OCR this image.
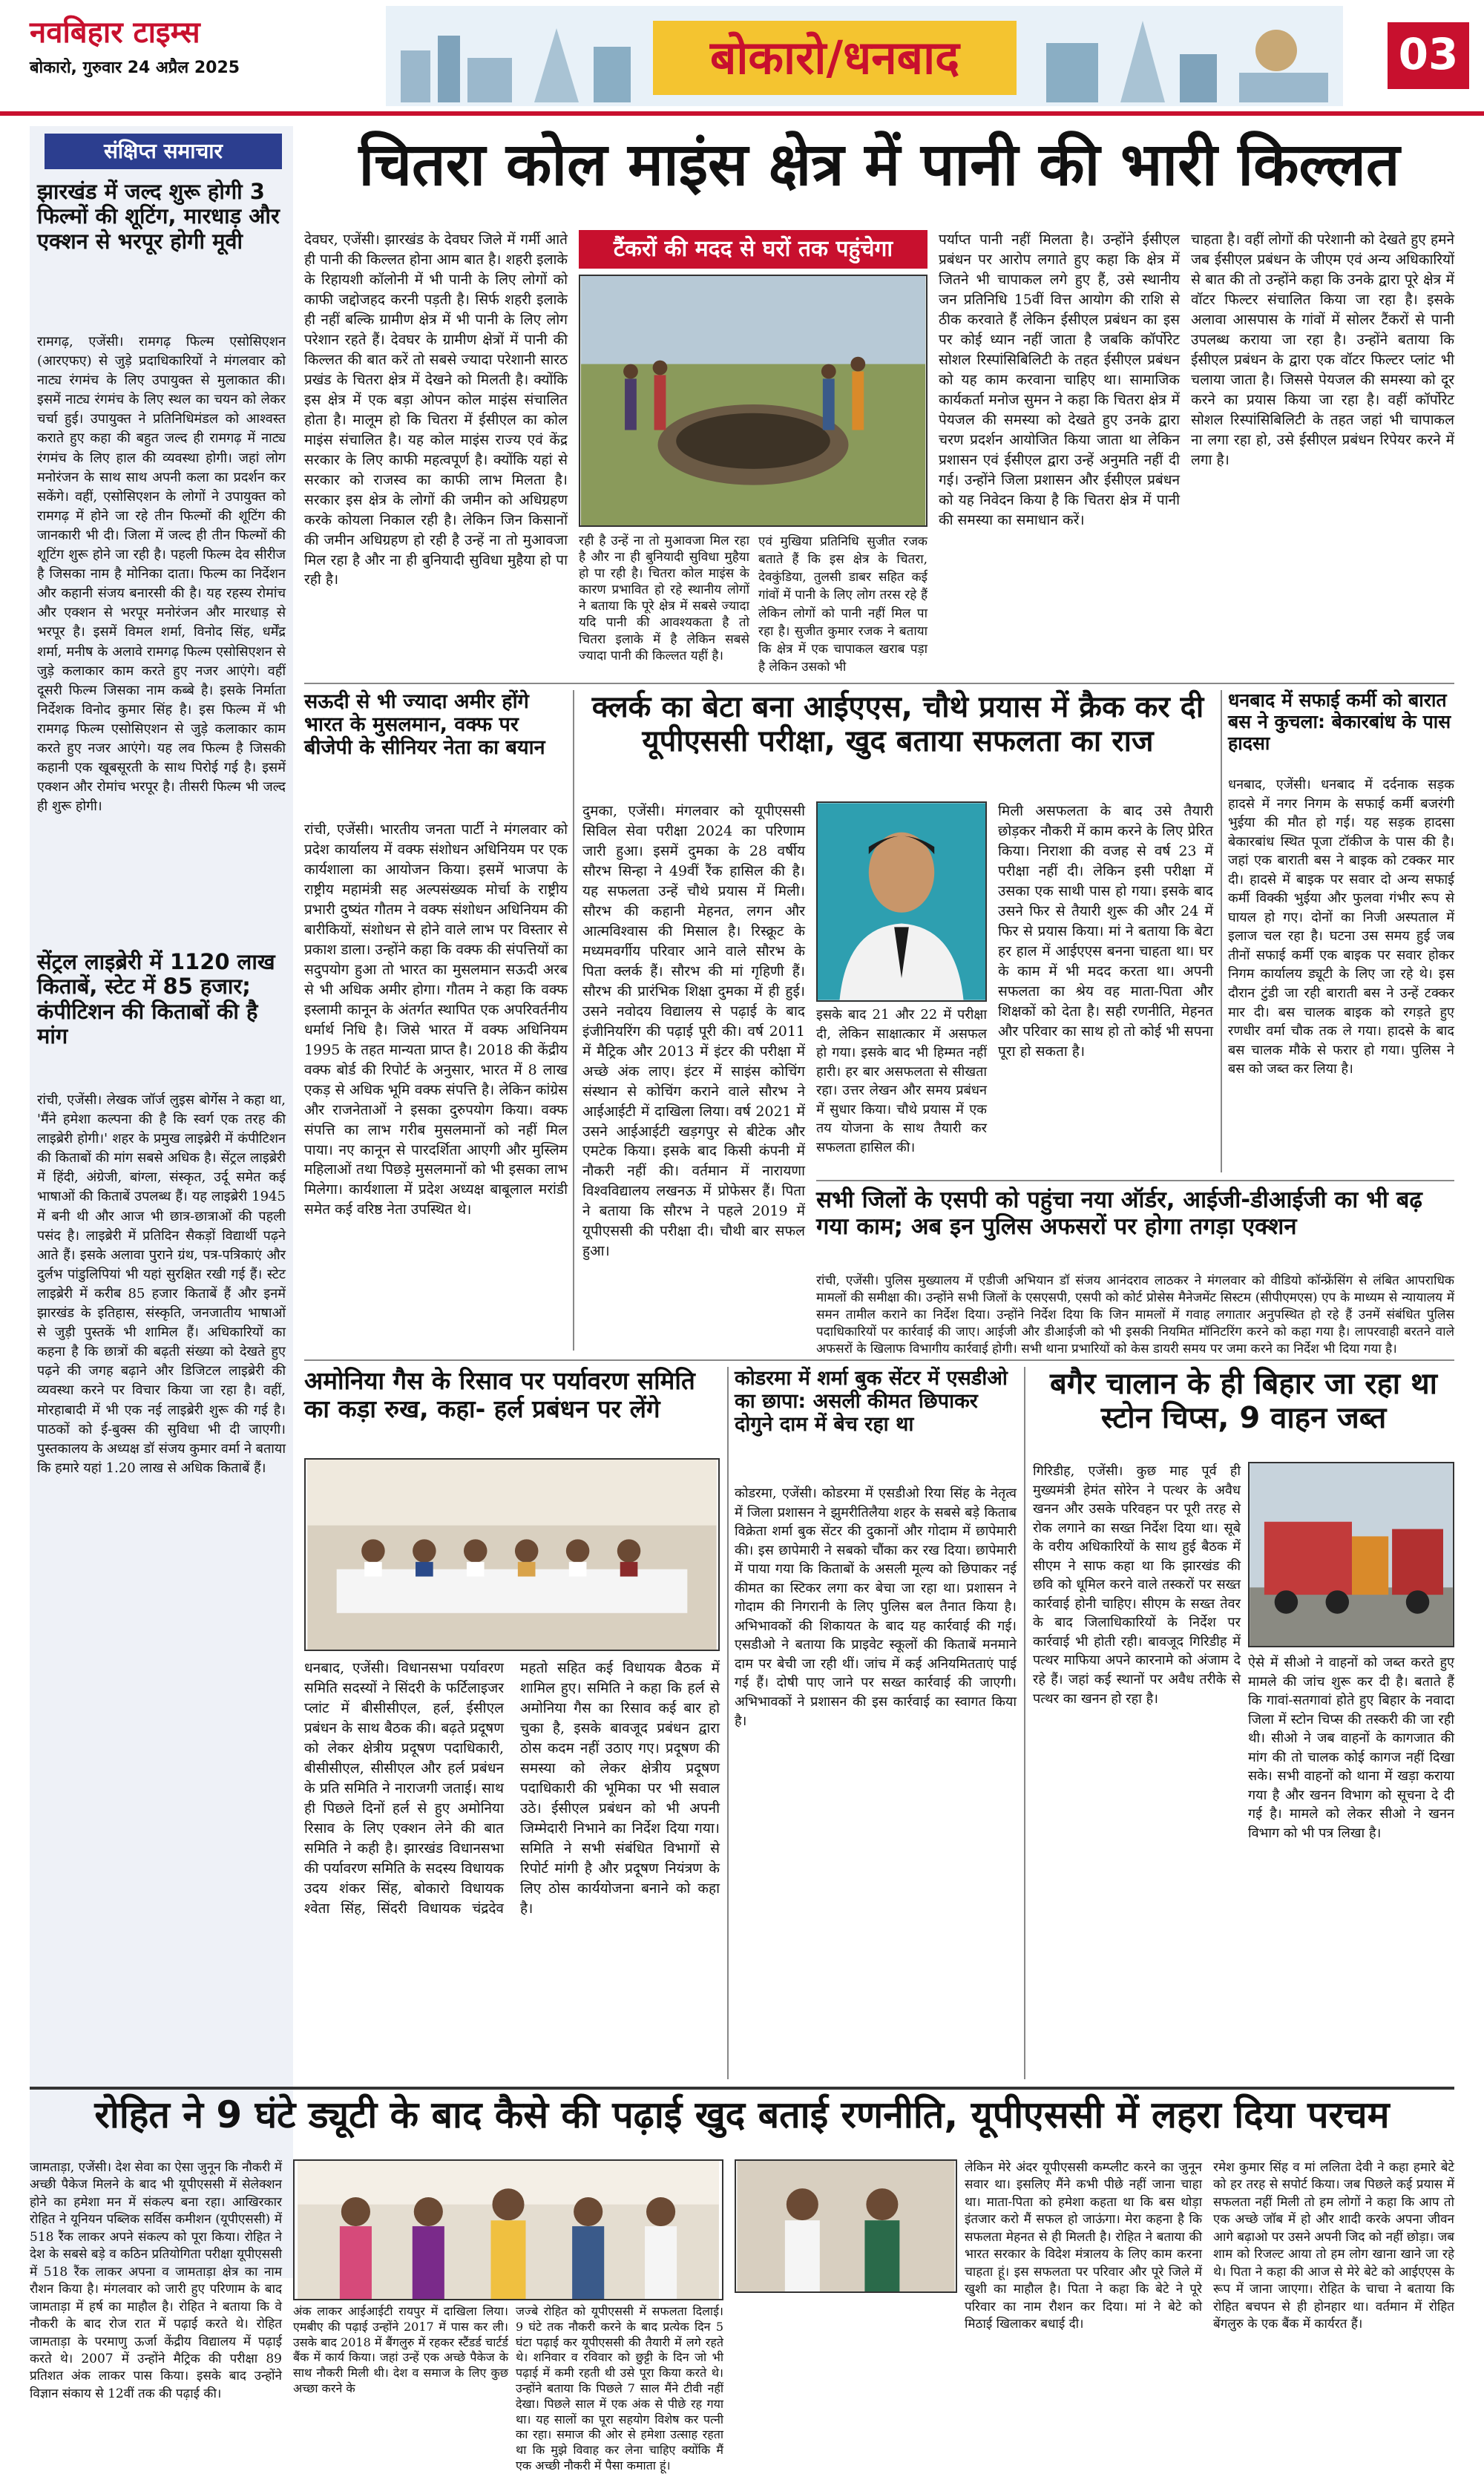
नवबिहार टाइम्स
बोकारो, गुरुवार 24 अप्रैल 2025	बोकारो/धनबाद	03
संक्षिप्त समाचार
झारखंड में जल्द शुरू होगी 3 फिल्मों की शूटिंग, मारधाड़ और एक्शन से भरपूर होगी मूवी
रामगढ़, एजेंसी। रामगढ़ फिल्म एसोसिएशन (आरएफए) से जुड़े प्रदाधिकारियों ने मंगलवार को नाट्य रंगमंच के लिए उपायुक्त से मुलाकात की। इसमें नाट्य रंगमंच के लिए स्थल का चयन को लेकर चर्चा हुई। उपायुक्त ने प्रतिनिधिमंडल को आश्वस्त कराते हुए कहा की बहुत जल्द ही रामगढ़ में नाट्य रंगमंच के लिए हाल की व्यवस्था होगी। जहां लोग मनोरंजन के साथ साथ अपनी कला का प्रदर्शन कर सकेंगे। वहीं, एसोसिएशन के लोगों ने उपायुक्त को रामगढ़ में होने जा रहे तीन फिल्मों की शूटिंग की जानकारी भी दी। जिला में जल्द ही तीन फिल्मों की शूटिंग शुरू होने जा रही है। पहली फिल्म देव सीरीज है जिसका नाम है मोनिका दाता। फिल्म का निर्देशन और कहानी संजय बनारसी की है। यह रहस्य रोमांच और एक्शन से भरपूर मनोरंजन और मारधाड़ से भरपूर है। इसमें विमल शर्मा, विनोद सिंह, धर्मेंद्र शर्मा, मनीष के अलावे रामगढ़ फिल्म एसोसिएशन से जुड़े कलाकार काम करते हुए नजर आएंगे। वहीं दूसरी फिल्म जिसका नाम कब्बे है। इसके निर्माता निर्देशक विनोद कुमार सिंह है। इस फिल्म में भी रामगढ़ फिल्म एसोसिएशन से जुड़े कलाकार काम करते हुए नजर आएंगे। यह लव फिल्म है जिसकी कहानी एक खूबसूरती के साथ पिरोई गई है। इसमें एक्शन और रोमांच भरपूर है। तीसरी फिल्म भी जल्द ही शुरू होगी।
सेंट्रल लाइब्रेरी में 1120 लाख किताबें, स्टेट में 85 हजार; कंपीटिशन की किताबों की है मांग
रांची, एजेंसी। लेखक जॉर्ज लुइस बोर्गेस ने कहा था, 'मैंने हमेशा कल्पना की है कि स्वर्ग एक तरह की लाइब्रेरी होगी।' शहर के प्रमुख लाइब्रेरी में कंपीटिशन की किताबों की मांग सबसे अधिक है। सेंट्रल लाइब्रेरी में हिंदी, अंग्रेजी, बांग्ला, संस्कृत, उर्दू समेत कई भाषाओं की किताबें उपलब्ध हैं। यह लाइब्रेरी 1945 में बनी थी और आज भी छात्र-छात्राओं की पहली पसंद है। लाइब्रेरी में प्रतिदिन सैकड़ों विद्यार्थी पढ़ने आते हैं। इसके अलावा पुराने ग्रंथ, पत्र-पत्रिकाएं और दुर्लभ पांडुलिपियां भी यहां सुरक्षित रखी गई हैं। स्टेट लाइब्रेरी में करीब 85 हजार किताबें हैं और इनमें झारखंड के इतिहास, संस्कृति, जनजातीय भाषाओं से जुड़ी पुस्तकें भी शामिल हैं। अधिकारियों का कहना है कि छात्रों की बढ़ती संख्या को देखते हुए पढ़ने की जगह बढ़ाने और डिजिटल लाइब्रेरी की व्यवस्था करने पर विचार किया जा रहा है। वहीं, मोरहाबादी में भी एक नई लाइब्रेरी शुरू की गई है। पाठकों को ई-बुक्स की सुविधा भी दी जाएगी। पुस्तकालय के अध्यक्ष डॉ संजय कुमार वर्मा ने बताया कि हमारे यहां 1.20 लाख से अधिक किताबें हैं।
चितरा कोल माइंस क्षेत्र में पानी की भारी किल्लत
टैंकरों की मदद से घरों तक पहुंचेगा
देवघर, एजेंसी। झारखंड के देवघर जिले में गर्मी आते ही पानी की किल्लत होना आम बात है। शहरी इलाके के रिहायशी कॉलोनी में भी पानी के लिए लोगों को काफी जद्दोजहद करनी पड़ती है। सिर्फ शहरी इलाके ही नहीं बल्कि ग्रामीण क्षेत्र में भी पानी के लिए लोग परेशान रहते हैं। देवघर के ग्रामीण क्षेत्रों में पानी की किल्लत की बात करें तो सबसे ज्यादा परेशानी सारठ प्रखंड के चितरा क्षेत्र में देखने को मिलती है। क्योंकि इस क्षेत्र में एक बड़ा ओपन कोल माइंस संचालित होता है। मालूम हो कि चितरा में ईसीएल का कोल माइंस संचालित है। यह कोल माइंस राज्य एवं केंद्र सरकार के लिए काफी महत्वपूर्ण है। क्योंकि यहां से सरकार को राजस्व का काफी लाभ मिलता है। सरकार इस क्षेत्र के लोगों की जमीन को अधिग्रहण करके कोयला निकाल रही है। लेकिन जिन किसानों की जमीन अधिग्रहण हो रही है उन्हें ना तो मुआवजा मिल रहा है और ना ही बुनियादी सुविधा मुहैया हो पा रही है।
रही है उन्हें ना तो मुआवजा मिल रहा है और ना ही बुनियादी सुविधा मुहैया हो पा रही है। चितरा कोल माइंस के कारण प्रभावित हो रहे स्थानीय लोगों ने बताया कि पूरे क्षेत्र में सबसे ज्यादा यदि पानी की आवश्यकता है तो चितरा इलाके में है लेकिन सबसे ज्यादा पानी की किल्लत यहीं है।
एवं मुखिया प्रतिनिधि सुजीत रजक बताते हैं कि इस क्षेत्र के चितरा, देवकुंडिया, तुलसी डाबर सहित कई गांवों में पानी के लिए लोग तरस रहे हैं लेकिन लोगों को पानी नहीं मिल पा रहा है। सुजीत कुमार रजक ने बताया कि क्षेत्र में एक चापाकल खराब पड़ा है लेकिन उसको भी
पर्याप्त पानी नहीं मिलता है। उन्होंने ईसीएल प्रबंधन पर आरोप लगाते हुए कहा कि क्षेत्र में जितने भी चापाकल लगे हुए हैं, उसे स्थानीय जन प्रतिनिधि 15वीं वित्त आयोग की राशि से ठीक करवाते हैं लेकिन ईसीएल प्रबंधन का इस पर कोई ध्यान नहीं जाता है जबकि कॉर्पोरेट सोशल रिस्पांसिबिलिटी के तहत ईसीएल प्रबंधन को यह काम करवाना चाहिए था। सामाजिक कार्यकर्ता मनोज सुमन ने कहा कि चितरा क्षेत्र में पेयजल की समस्या को देखते हुए उनके द्वारा चरण प्रदर्शन आयोजित किया जाता था लेकिन प्रशासन एवं ईसीएल द्वारा उन्हें अनुमति नहीं दी गई। उन्होंने जिला प्रशासन और ईसीएल प्रबंधन को यह निवेदन किया है कि चितरा क्षेत्र में पानी की समस्या का समाधान करें।
चाहता है। वहीं लोगों की परेशानी को देखते हुए हमने जब ईसीएल प्रबंधन के जीएम एवं अन्य अधिकारियों से बात की तो उन्होंने कहा कि उनके द्वारा पूरे क्षेत्र में वॉटर फिल्टर संचालित किया जा रहा है। इसके अलावा आसपास के गांवों में सोलर टैंकरों से पानी उपलब्ध कराया जा रहा है। उन्होंने बताया कि ईसीएल प्रबंधन के द्वारा एक वॉटर फिल्टर प्लांट भी चलाया जाता है। जिससे पेयजल की समस्या को दूर करने का प्रयास किया जा रहा है। वहीं कॉर्पोरेट सोशल रिस्पांसिबिलिटी के तहत जहां भी चापाकल ना लगा रहा हो, उसे ईसीएल प्रबंधन रिपेयर करने में लगा है।
सऊदी से भी ज्यादा अमीर होंगे भारत के मुसलमान, वक्फ पर बीजेपी के सीनियर नेता का बयान
रांची, एजेंसी। भारतीय जनता पार्टी ने मंगलवार को प्रदेश कार्यालय में वक्फ संशोधन अधिनियम पर एक कार्यशाला का आयोजन किया। इसमें भाजपा के राष्ट्रीय महामंत्री सह अल्पसंख्यक मोर्चा के राष्ट्रीय प्रभारी दुष्यंत गौतम ने वक्फ संशोधन अधिनियम की बारीकियों, संशोधन से होने वाले लाभ पर विस्तार से प्रकाश डाला। उन्होंने कहा कि वक्फ की संपत्तियों का सदुपयोग हुआ तो भारत का मुसलमान सऊदी अरब से भी अधिक अमीर होगा। गौतम ने कहा कि वक्फ इस्लामी कानून के अंतर्गत स्थापित एक अपरिवर्तनीय धर्मार्थ निधि है। जिसे भारत में वक्फ अधिनियम 1995 के तहत मान्यता प्राप्त है। 2018 की केंद्रीय वक्फ बोर्ड की रिपोर्ट के अनुसार, भारत में 8 लाख एकड़ से अधिक भूमि वक्फ संपत्ति है। लेकिन कांग्रेस और राजनेताओं ने इसका दुरुपयोग किया। वक्फ संपत्ति का लाभ गरीब मुसलमानों को नहीं मिल पाया। नए कानून से पारदर्शिता आएगी और मुस्लिम महिलाओं तथा पिछड़े मुसलमानों को भी इसका लाभ मिलेगा। कार्यशाला में प्रदेश अध्यक्ष बाबूलाल मरांडी समेत कई वरिष्ठ नेता उपस्थित थे।
क्लर्क का बेटा बना आईएएस, चौथे प्रयास में क्रैक कर दी यूपीएससी परीक्षा, खुद बताया सफलता का राज
दुमका, एजेंसी। मंगलवार को यूपीएससी सिविल सेवा परीक्षा 2024 का परिणाम जारी हुआ। इसमें दुमका के 28 वर्षीय सौरभ सिन्हा ने 49वीं रैंक हासिल की है। यह सफलता उन्हें चौथे प्रयास में मिली। सौरभ की कहानी मेहनत, लगन और आत्मविश्वास की मिसाल है। रिस्क्रूट के मध्यमवर्गीय परिवार आने वाले सौरभ के पिता क्लर्क हैं। सौरभ की मां गृहिणी हैं। सौरभ की प्रारंभिक शिक्षा दुमका में ही हुई। उसने नवोदय विद्यालय से पढ़ाई के बाद इंजीनियरिंग की पढ़ाई पूरी की। वर्ष 2011 में मैट्रिक और 2013 में इंटर की परीक्षा में अच्छे अंक लाए। इंटर में साइंस कोचिंग संस्थान से कोचिंग कराने वाले सौरभ ने आईआईटी में दाखिला लिया। वर्ष 2021 में उसने आईआईटी खड़गपुर से बीटेक और एमटेक किया। इसके बाद किसी कंपनी में नौकरी नहीं की। वर्तमान में नारायणा विश्वविद्यालय लखनऊ में प्रोफेसर हैं। पिता ने बताया कि सौरभ ने पहले 2019 में यूपीएससी की परीक्षा दी। चौथी बार सफल हुआ।
इसके बाद 21 और 22 में परीक्षा दी, लेकिन साक्षात्कार में असफल हो गया। इसके बाद भी हिम्मत नहीं हारी। हर बार असफलता से सीखता रहा। उत्तर लेखन और समय प्रबंधन में सुधार किया। चौथे प्रयास में एक तय योजना के साथ तैयारी कर सफलता हासिल की।
मिली असफलता के बाद उसे तैयारी छोड़कर नौकरी में काम करने के लिए प्रेरित किया। निराशा की वजह से वर्ष 23 में परीक्षा नहीं दी। लेकिन इसी परीक्षा में उसका एक साथी पास हो गया। इसके बाद उसने फिर से तैयारी शुरू की और 24 में फिर से प्रयास किया। मां ने बताया कि बेटा हर हाल में आईएएस बनना चाहता था। घर के काम में भी मदद करता था। अपनी सफलता का श्रेय वह माता-पिता और शिक्षकों को देता है। सही रणनीति, मेहनत और परिवार का साथ हो तो कोई भी सपना पूरा हो सकता है।
धनबाद में सफाई कर्मी को बारात बस ने कुचला: बेकारबांध के पास हादसा
धनबाद, एजेंसी। धनबाद में दर्दनाक सड़क हादसे में नगर निगम के सफाई कर्मी बजरंगी भुईया की मौत हो गई। यह सड़क हादसा बेकारबांध स्थित पूजा टॉकीज के पास की है। जहां एक बाराती बस ने बाइक को टक्कर मार दी। हादसे में बाइक पर सवार दो अन्य सफाई कर्मी विक्की भुईया और फुलवा गंभीर रूप से घायल हो गए। दोनों का निजी अस्पताल में इलाज चल रहा है। घटना उस समय हुई जब तीनों सफाई कर्मी एक बाइक पर सवार होकर निगम कार्यालय ड्यूटी के लिए जा रहे थे। इस दौरान टुंडी जा रही बाराती बस ने उन्हें टक्कर मार दी। बस चालक बाइक को रगड़ते हुए रणधीर वर्मा चौक तक ले गया। हादसे के बाद बस चालक मौके से फरार हो गया। पुलिस ने बस को जब्त कर लिया है।
सभी जिलों के एसपी को पहुंचा नया ऑर्डर, आईजी-डीआईजी का भी बढ़ गया काम; अब इन पुलिस अफसरों पर होगा तगड़ा एक्शन
रांची, एजेंसी। पुलिस मुख्यालय में एडीजी अभियान डॉ संजय आनंदराव लाठकर ने मंगलवार को वीडियो कॉन्फ्रेंसिंग से लंबित आपराधिक मामलों की समीक्षा की। उन्होंने सभी जिलों के एसएसपी, एसपी को कोर्ट प्रोसेस मैनेजमेंट सिस्टम (सीपीएमएस) एप के माध्यम से न्यायालय में समन तामील कराने का निर्देश दिया। उन्होंने निर्देश दिया कि जिन मामलों में गवाह लगातार अनुपस्थित हो रहे हैं उनमें संबंधित पुलिस पदाधिकारियों पर कार्रवाई की जाए। आईजी और डीआईजी को भी इसकी नियमित मॉनिटरिंग करने को कहा गया है। लापरवाही बरतने वाले अफसरों के खिलाफ विभागीय कार्रवाई होगी। सभी थाना प्रभारियों को केस डायरी समय पर जमा करने का निर्देश भी दिया गया है।
अमोनिया गैस के रिसाव पर पर्यावरण समिति का कड़ा रुख, कहा- हर्ल प्रबंधन पर लेंगे
धनबाद, एजेंसी। विधानसभा पर्यावरण समिति सदस्यों ने सिंदरी के फर्टिलाइजर प्लांट में बीसीसीएल, हर्ल, ईसीएल प्रबंधन के साथ बैठक की। बढ़ते प्रदूषण को लेकर क्षेत्रीय प्रदूषण पदाधिकारी, बीसीसीएल, सीसीएल और हर्ल प्रबंधन के प्रति समिति ने नाराजगी जताई। साथ ही पिछले दिनों हर्ल से हुए अमोनिया रिसाव के लिए एक्शन लेने की बात समिति ने कही है। झारखंड विधानसभा की पर्यावरण समिति के सदस्य विधायक उदय शंकर सिंह, बोकारो विधायक श्वेता सिंह, सिंदरी विधायक चंद्रदेव महतो सहित कई विधायक बैठक में शामिल हुए। समिति ने कहा कि हर्ल से अमोनिया गैस का रिसाव कई बार हो चुका है, इसके बावजूद प्रबंधन द्वारा ठोस कदम नहीं उठाए गए। प्रदूषण की समस्या को लेकर क्षेत्रीय प्रदूषण पदाधिकारी की भूमिका पर भी सवाल उठे। ईसीएल प्रबंधन को भी अपनी जिम्मेदारी निभाने का निर्देश दिया गया। समिति ने सभी संबंधित विभागों से रिपोर्ट मांगी है और प्रदूषण नियंत्रण के लिए ठोस कार्ययोजना बनाने को कहा है।
कोडरमा में शर्मा बुक सेंटर में एसडीओ का छापा: असली कीमत छिपाकर दोगुने दाम में बेच रहा था
कोडरमा, एजेंसी। कोडरमा में एसडीओ रिया सिंह के नेतृत्व में जिला प्रशासन ने झुमरीतिलैया शहर के सबसे बड़े किताब विक्रेता शर्मा बुक सेंटर की दुकानों और गोदाम में छापेमारी की। इस छापेमारी ने सबको चौंका कर रख दिया। छापेमारी में पाया गया कि किताबों के असली मूल्य को छिपाकर नई कीमत का स्टिकर लगा कर बेचा जा रहा था। प्रशासन ने गोदाम की निगरानी के लिए पुलिस बल तैनात किया है। अभिभावकों की शिकायत के बाद यह कार्रवाई की गई। एसडीओ ने बताया कि प्राइवेट स्कूलों की किताबें मनमाने दाम पर बेची जा रही थीं। जांच में कई अनियमितताएं पाई गई हैं। दोषी पाए जाने पर सख्त कार्रवाई की जाएगी। अभिभावकों ने प्रशासन की इस कार्रवाई का स्वागत किया है।
बगैर चालान के ही बिहार जा रहा था स्टोन चिप्स, 9 वाहन जब्त
गिरिडीह, एजेंसी। कुछ माह पूर्व ही मुख्यमंत्री हेमंत सोरेन ने पत्थर के अवैध खनन और उसके परिवहन पर पूरी तरह से रोक लगाने का सख्त निर्देश दिया था। सूबे के वरीय अधिकारियों के साथ हुई बैठक में सीएम ने साफ कहा था कि झारखंड की छवि को धूमिल करने वाले तस्करों पर सख्त कार्रवाई होनी चाहिए। सीएम के सख्त तेवर के बाद जिलाधिकारियों के निर्देश पर कार्रवाई भी होती रही। बावजूद गिरिडीह में पत्थर माफिया अपने कारनामे को अंजाम दे रहे हैं। जहां कई स्थानों पर अवैध तरीके से पत्थर का खनन हो रहा है।
ऐसे में सीओ ने वाहनों को जब्त करते हुए मामले की जांच शुरू कर दी है। बताते हैं कि गावां-सतगावां होते हुए बिहार के नवादा जिला में स्टोन चिप्स की तस्करी की जा रही थी। सीओ ने जब वाहनों के कागजात की मांग की तो चालक कोई कागज नहीं दिखा सके। सभी वाहनों को थाना में खड़ा कराया गया है और खनन विभाग को सूचना दे दी गई है। मामले को लेकर सीओ ने खनन विभाग को भी पत्र लिखा है।
रोहित ने 9 घंटे ड्यूटी के बाद कैसे की पढ़ाई खुद बताई रणनीति, यूपीएससी में लहरा दिया परचम
जामताड़ा, एजेंसी। देश सेवा का ऐसा जुनून कि नौकरी में अच्छी पैकेज मिलने के बाद भी यूपीएससी में सेलेक्शन होने का हमेशा मन में संकल्प बना रहा। आखिरकार रोहित ने यूनियन पब्लिक सर्विस कमीशन (यूपीएससी) में 518 रैंक लाकर अपने संकल्प को पूरा किया। रोहित ने देश के सबसे बड़े व कठिन प्रतियोगिता परीक्षा यूपीएससी में 518 रैंक लाकर अपना व जामताड़ा क्षेत्र का नाम रौशन किया है। मंगलवार को जारी हुए परिणाम के बाद जामताड़ा में हर्ष का माहौल है। रोहित ने बताया कि वे नौकरी के बाद रोज रात में पढ़ाई करते थे। रोहित जामताड़ा के परमाणु ऊर्जा केंद्रीय विद्यालय में पढ़ाई करते थे। 2007 में उन्होंने मैट्रिक की परीक्षा 89 प्रतिशत अंक लाकर पास किया। इसके बाद उन्होंने विज्ञान संकाय से 12वीं तक की पढ़ाई की।
अंक लाकर आईआईटी रायपुर में दाखिला लिया। एमबीए की पढ़ाई उन्होंने 2017 में पास कर ली। उसके बाद 2018 में बैंगलुरु में रहकर स्टैंडर्ड चार्टर्ड बैंक में कार्य किया। जहां उन्हें एक अच्छे पैकेज के साथ नौकरी मिली थी। देश व समाज के लिए कुछ अच्छा करने के
जज्बे रोहित को यूपीएससी में सफलता दिलाई। 9 घंटे तक नौकरी करने के बाद प्रत्येक दिन 5 घंटा पढ़ाई कर यूपीएससी की तैयारी में लगे रहते थे। शनिवार व रविवार को छुट्टी के दिन जो भी पढ़ाई में कमी रहती थी उसे पूरा किया करते थे। उन्होंने बताया कि पिछले 7 साल मैंने टीवी नहीं देखा। पिछले साल में एक अंक से पीछे रह गया था। यह सालों का पूरा सहयोग विशेष कर पत्नी का रहा। समाज की ओर से हमेशा उत्साह रहता था कि मुझे विवाह कर लेना चाहिए क्योंकि मैं एक अच्छी नौकरी में पैसा कमाता हूं।
लेकिन मेरे अंदर यूपीएससी कम्प्लीट करने का जुनून सवार था। इसलिए मैंने कभी पीछे नहीं जाना चाहा था। माता-पिता को हमेशा कहता था कि बस थोड़ा इंतजार करो मैं सफल हो जाऊंगा। मेरा कहना है कि सफलता मेहनत से ही मिलती है। रोहित ने बताया की भारत सरकार के विदेश मंत्रालय के लिए काम करना चाहता हूं। इस सफलता पर परिवार और पूरे जिले में खुशी का माहौल है। पिता ने कहा कि बेटे ने पूरे परिवार का नाम रौशन कर दिया। मां ने बेटे को मिठाई खिलाकर बधाई दी।
रमेश कुमार सिंह व मां ललिता देवी ने कहा हमारे बेटे को हर तरह से सपोर्ट किया। जब पिछले कई प्रयास में सफलता नहीं मिली तो हम लोगों ने कहा कि आप तो एक अच्छे जॉब में हो और शादी करके अपना जीवन आगे बढ़ाओ पर उसने अपनी जिद को नहीं छोड़ा। जब शाम को रिजल्ट आया तो हम लोग खाना खाने जा रहे थे। पिता ने कहा की आज से मेरे बेटे को आईएएस के रूप में जाना जाएगा। रोहित के चाचा ने बताया कि रोहित बचपन से ही होनहार था। वर्तमान में रोहित बेंगलुरु के एक बैंक में कार्यरत हैं।
